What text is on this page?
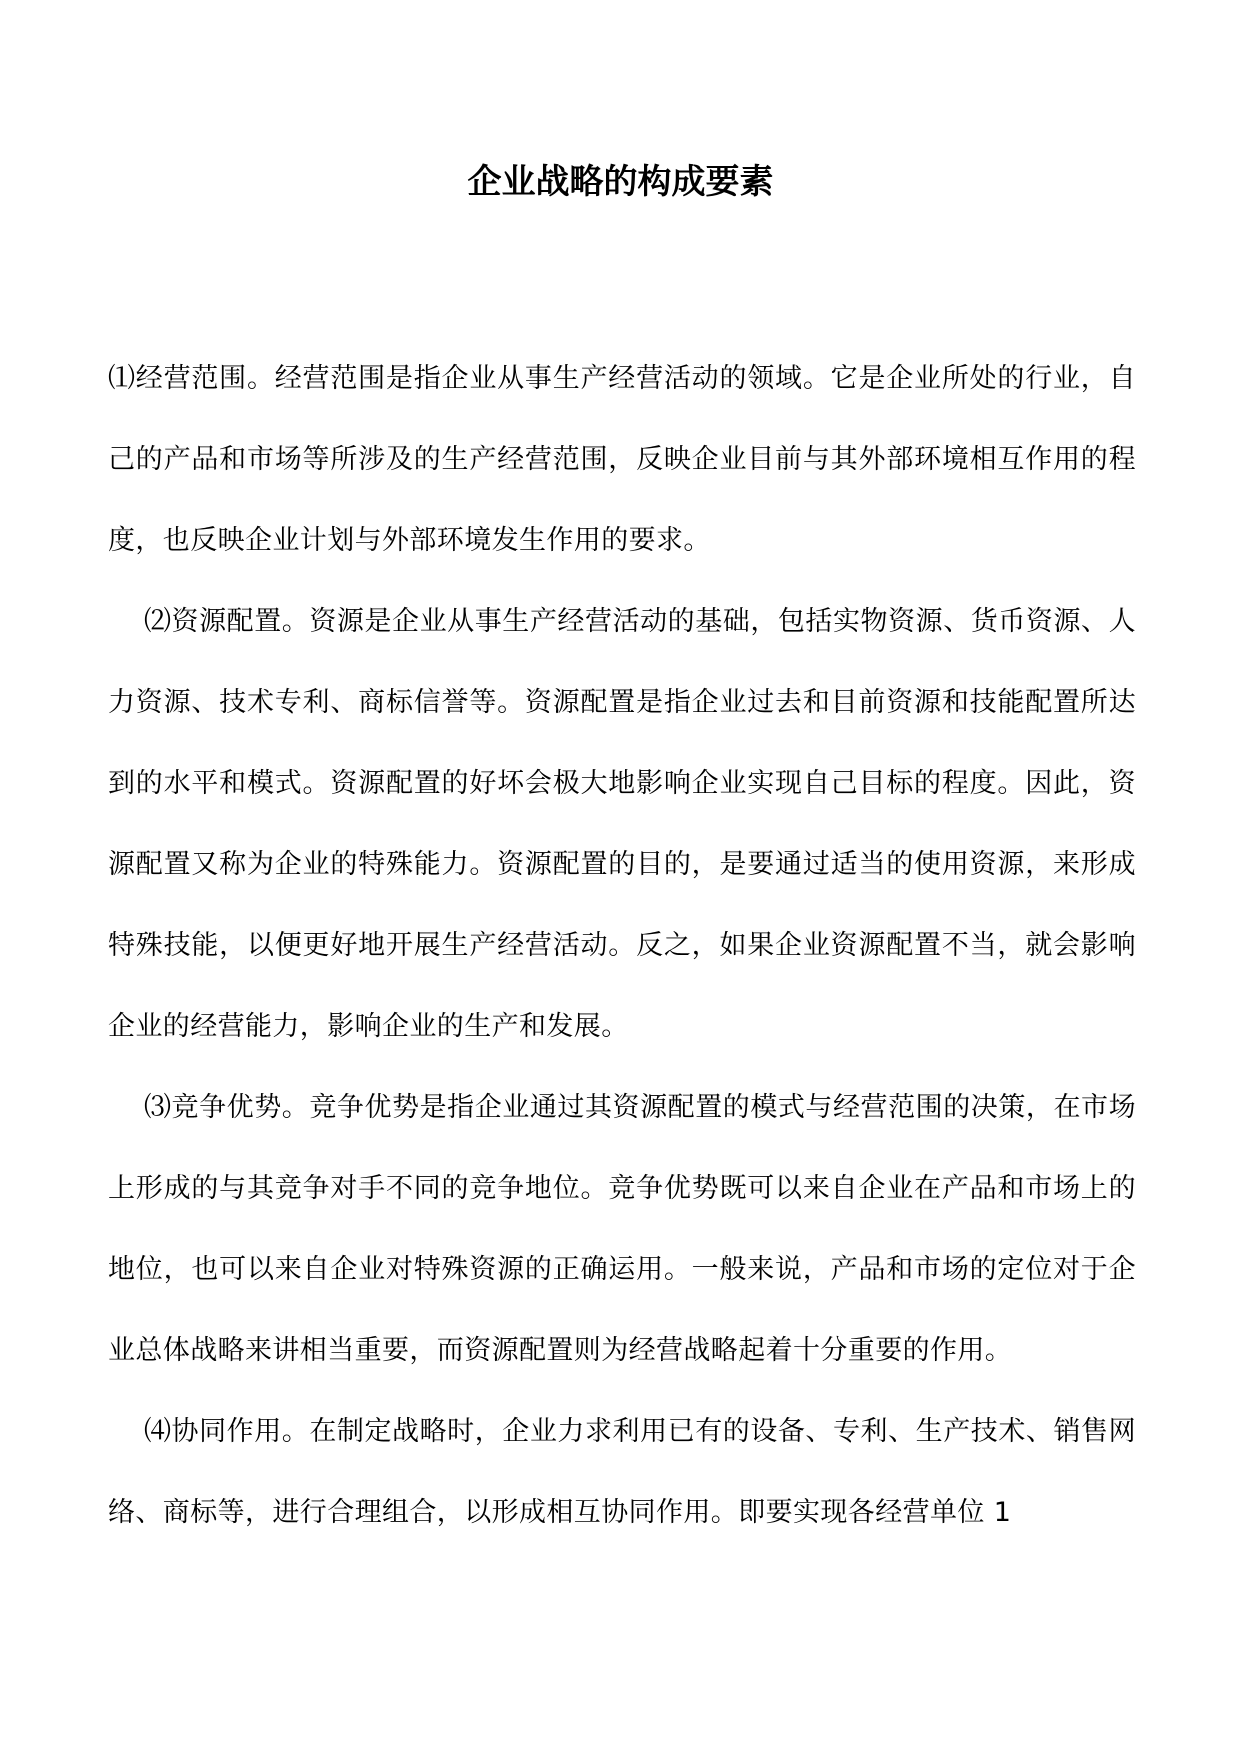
企业战略的构成要素

⑴经营范围。经营范围是指企业从事生产经营活动的领域。它是企业所处的行业，自己的产品和市场等所涉及的生产经营范围，反映企业目前与其外部环境相互作用的程度，也反映企业计划与外部环境发生作用的要求。

⑵资源配置。资源是企业从事生产经营活动的基础，包括实物资源、货币资源、人力资源、技术专利、商标信誉等。资源配置是指企业过去和目前资源和技能配置所达到的水平和模式。资源配置的好坏会极大地影响企业实现自己目标的程度。因此，资源配置又称为企业的特殊能力。资源配置的目的，是要通过适当的使用资源，来形成特殊技能，以便更好地开展生产经营活动。反之，如果企业资源配置不当，就会影响企业的经营能力，影响企业的生产和发展。

⑶竞争优势。竞争优势是指企业通过其资源配置的模式与经营范围的决策，在市场上形成的与其竞争对手不同的竞争地位。竞争优势既可以来自企业在产品和市场上的地位，也可以来自企业对特殊资源的正确运用。一般来说，产品和市场的定位对于企业总体战略来讲相当重要，而资源配置则为经营战略起着十分重要的作用。

⑷协同作用。在制定战略时，企业力求利用已有的设备、专利、生产技术、销售网络、商标等，进行合理组合，以形成相互协同作用。即要实现各经营单位 1
